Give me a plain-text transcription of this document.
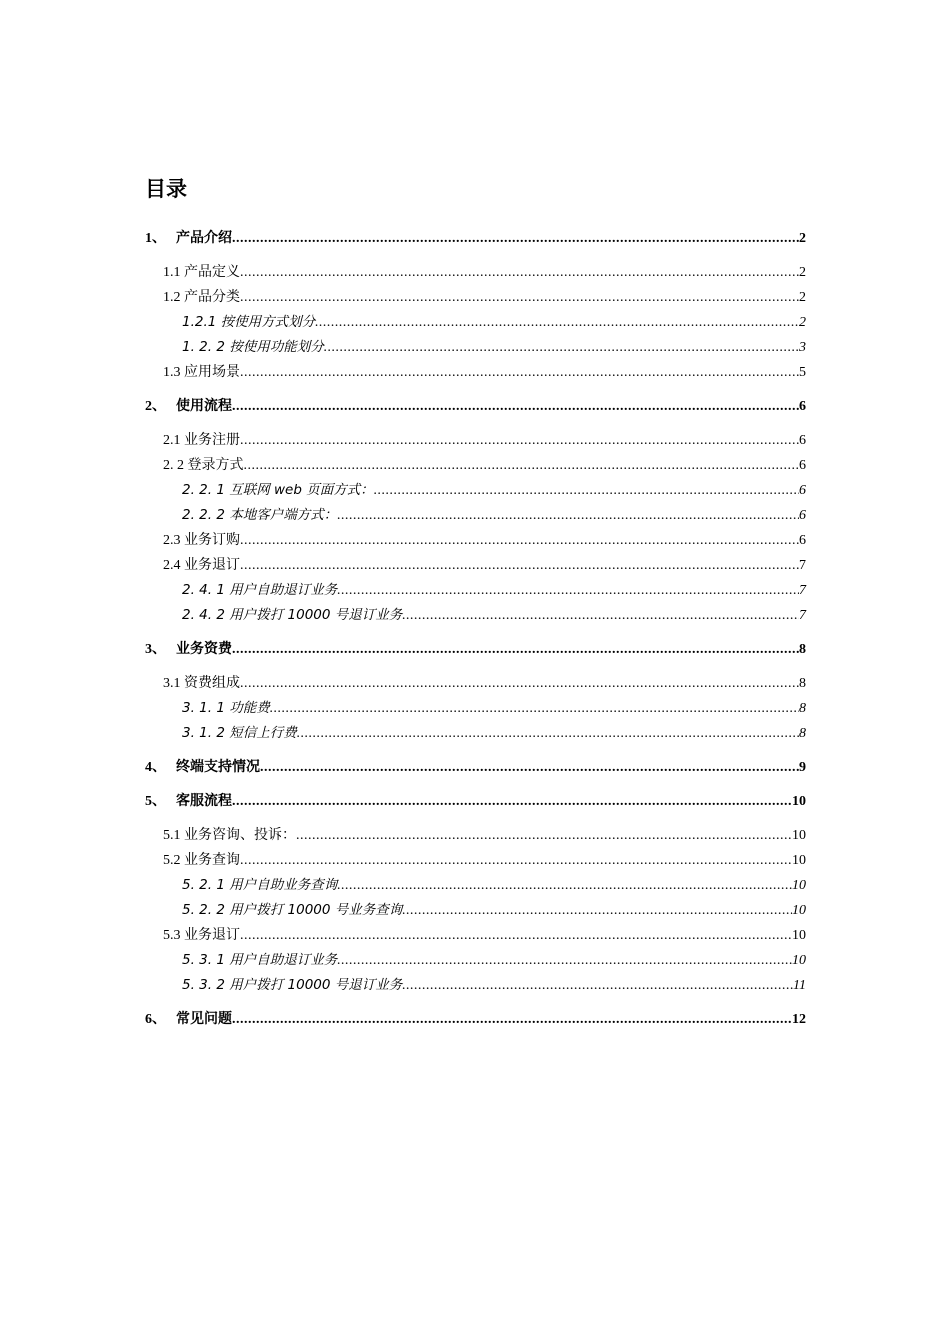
目录
1、 产品介绍 .....	2
1.1 产品定义 .....	2
1.2 产品分类 .....	2
1.2.1 按使用方式划分 .....	2
1. 2. 2 按使用功能划分 .....	3
1.3 应用场景 .....	5
2、 使用流程 .....	6
2.1 业务注册 .....	6
2. 2 登录方式 .....	6
2. 2. 1 互联网 web 页面方式： .....	6
2. 2. 2 本地客户端方式： .....	6
2.3 业务订购 .....	6
2.4 业务退订 .....	7
2. 4. 1 用户自助退订业务 .....	7
2. 4. 2 用户拨打 10000 号退订业务 .....	7
3、 业务资费 .....	8
3.1 资费组成 .....	8
3. 1. 1 功能费 .....	8
3. 1. 2 短信上行费 .....	8
4、 终端支持情况 .....	9
5、 客服流程 .....	10
5.1 业务咨询、投诉： .....	10
5.2 业务查询 .....	10
5. 2. 1 用户自助业务查询 .....	10
5. 2. 2 用户拨打 10000 号业务查询 .....	10
5.3 业务退订 .....	10
5. 3. 1 用户自助退订业务 .....	10
5. 3. 2 用户拨打 10000 号退订业务 .....	11
6、 常见问题 .....	12
